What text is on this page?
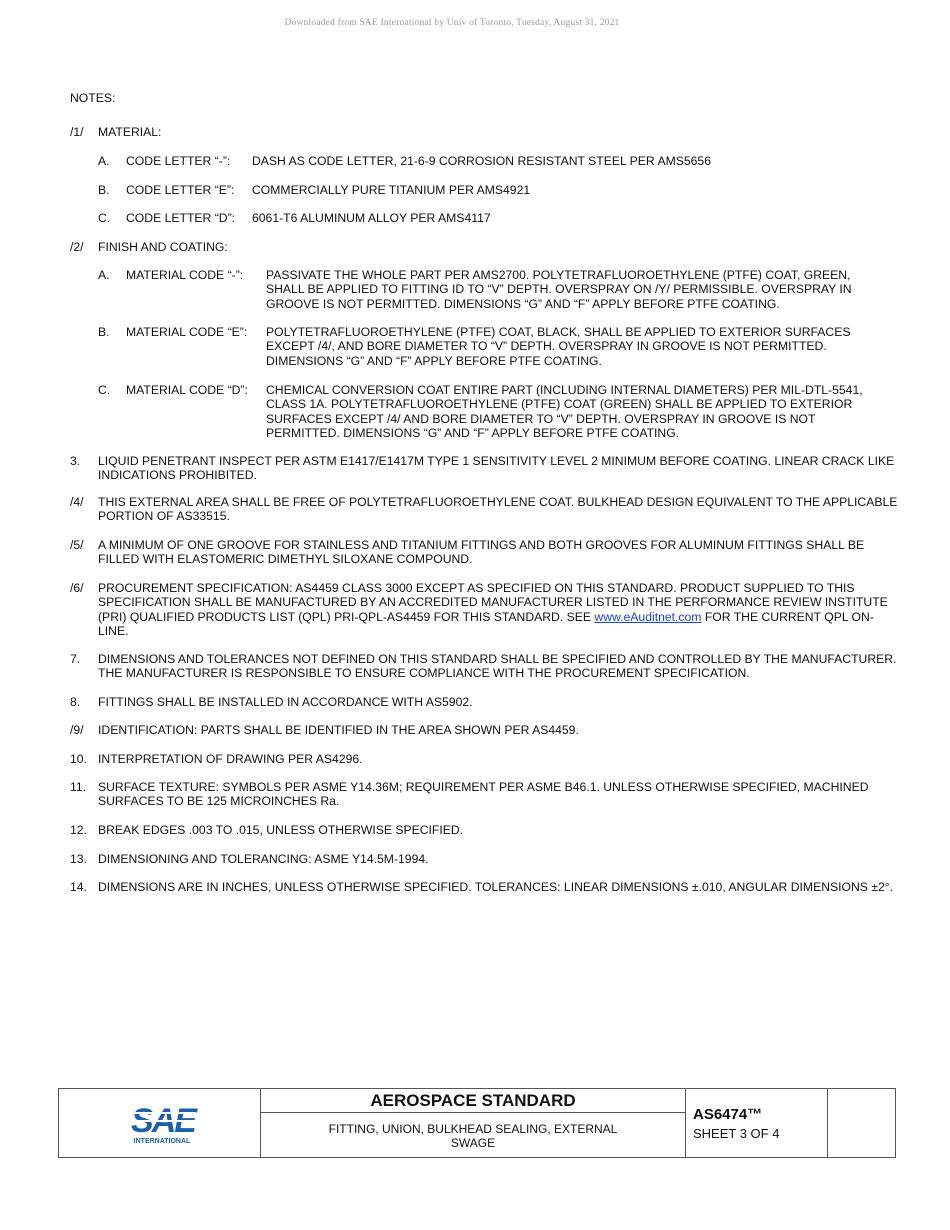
Downloaded from SAE International by Univ of Toronto, Tuesday, August 31, 2021
NOTES:
/1/ MATERIAL:
A. CODE LETTER “-”: DASH AS CODE LETTER, 21-6-9 CORROSION RESISTANT STEEL PER AMS5656
B. CODE LETTER “E”: COMMERCIALLY PURE TITANIUM PER AMS4921
C. CODE LETTER “D”: 6061-T6 ALUMINUM ALLOY PER AMS4117
/2/ FINISH AND COATING:
A. MATERIAL CODE “-”: PASSIVATE THE WHOLE PART PER AMS2700. POLYTETRAFLUOROETHYLENE (PTFE) COAT, GREEN, SHALL BE APPLIED TO FITTING ID TO “V” DEPTH. OVERSPRAY ON /Y/ PERMISSIBLE. OVERSPRAY IN GROOVE IS NOT PERMITTED. DIMENSIONS “G” AND “F” APPLY BEFORE PTFE COATING.
B. MATERIAL CODE “E”: POLYTETRAFLUOROETHYLENE (PTFE) COAT, BLACK, SHALL BE APPLIED TO EXTERIOR SURFACES EXCEPT /4/, AND BORE DIAMETER TO “V” DEPTH. OVERSPRAY IN GROOVE IS NOT PERMITTED. DIMENSIONS “G” AND “F” APPLY BEFORE PTFE COATING.
C. MATERIAL CODE “D”: CHEMICAL CONVERSION COAT ENTIRE PART (INCLUDING INTERNAL DIAMETERS) PER MIL-DTL-5541, CLASS 1A. POLYTETRAFLUOROETHYLENE (PTFE) COAT (GREEN) SHALL BE APPLIED TO EXTERIOR SURFACES EXCEPT /4/ AND BORE DIAMETER TO “V” DEPTH. OVERSPRAY IN GROOVE IS NOT PERMITTED. DIMENSIONS “G” AND “F” APPLY BEFORE PTFE COATING.
3. LIQUID PENETRANT INSPECT PER ASTM E1417/E1417M TYPE 1 SENSITIVITY LEVEL 2 MINIMUM BEFORE COATING. LINEAR CRACK LIKE INDICATIONS PROHIBITED.
/4/ THIS EXTERNAL AREA SHALL BE FREE OF POLYTETRAFLUOROETHYLENE COAT. BULKHEAD DESIGN EQUIVALENT TO THE APPLICABLE PORTION OF AS33515.
/5/ A MINIMUM OF ONE GROOVE FOR STAINLESS AND TITANIUM FITTINGS AND BOTH GROOVES FOR ALUMINUM FITTINGS SHALL BE FILLED WITH ELASTOMERIC DIMETHYL SILOXANE COMPOUND.
/6/ PROCUREMENT SPECIFICATION: AS4459 CLASS 3000 EXCEPT AS SPECIFIED ON THIS STANDARD. PRODUCT SUPPLIED TO THIS SPECIFICATION SHALL BE MANUFACTURED BY AN ACCREDITED MANUFACTURER LISTED IN THE PERFORMANCE REVIEW INSTITUTE (PRI) QUALIFIED PRODUCTS LIST (QPL) PRI-QPL-AS4459 FOR THIS STANDARD. SEE www.eAuditnet.com FOR THE CURRENT QPL ON-LINE.
7. DIMENSIONS AND TOLERANCES NOT DEFINED ON THIS STANDARD SHALL BE SPECIFIED AND CONTROLLED BY THE MANUFACTURER. THE MANUFACTURER IS RESPONSIBLE TO ENSURE COMPLIANCE WITH THE PROCUREMENT SPECIFICATION.
8. FITTINGS SHALL BE INSTALLED IN ACCORDANCE WITH AS5902.
/9/ IDENTIFICATION: PARTS SHALL BE IDENTIFIED IN THE AREA SHOWN PER AS4459.
10. INTERPRETATION OF DRAWING PER AS4296.
11. SURFACE TEXTURE: SYMBOLS PER ASME Y14.36M; REQUIREMENT PER ASME B46.1. UNLESS OTHERWISE SPECIFIED, MACHINED SURFACES TO BE 125 MICROINCHES Ra.
12. BREAK EDGES .003 TO .015, UNLESS OTHERWISE SPECIFIED.
13. DIMENSIONING AND TOLERANCING: ASME Y14.5M-1994.
14. DIMENSIONS ARE IN INCHES, UNLESS OTHERWISE SPECIFIED. TOLERANCES: LINEAR DIMENSIONS ±.010, ANGULAR DIMENSIONS ±2°.
SAE
INTERNATIONAL
AEROSPACE STANDARD
FITTING, UNION, BULKHEAD SEALING, EXTERNAL
SWAGE
AS6474™
SHEET 3 OF 4
